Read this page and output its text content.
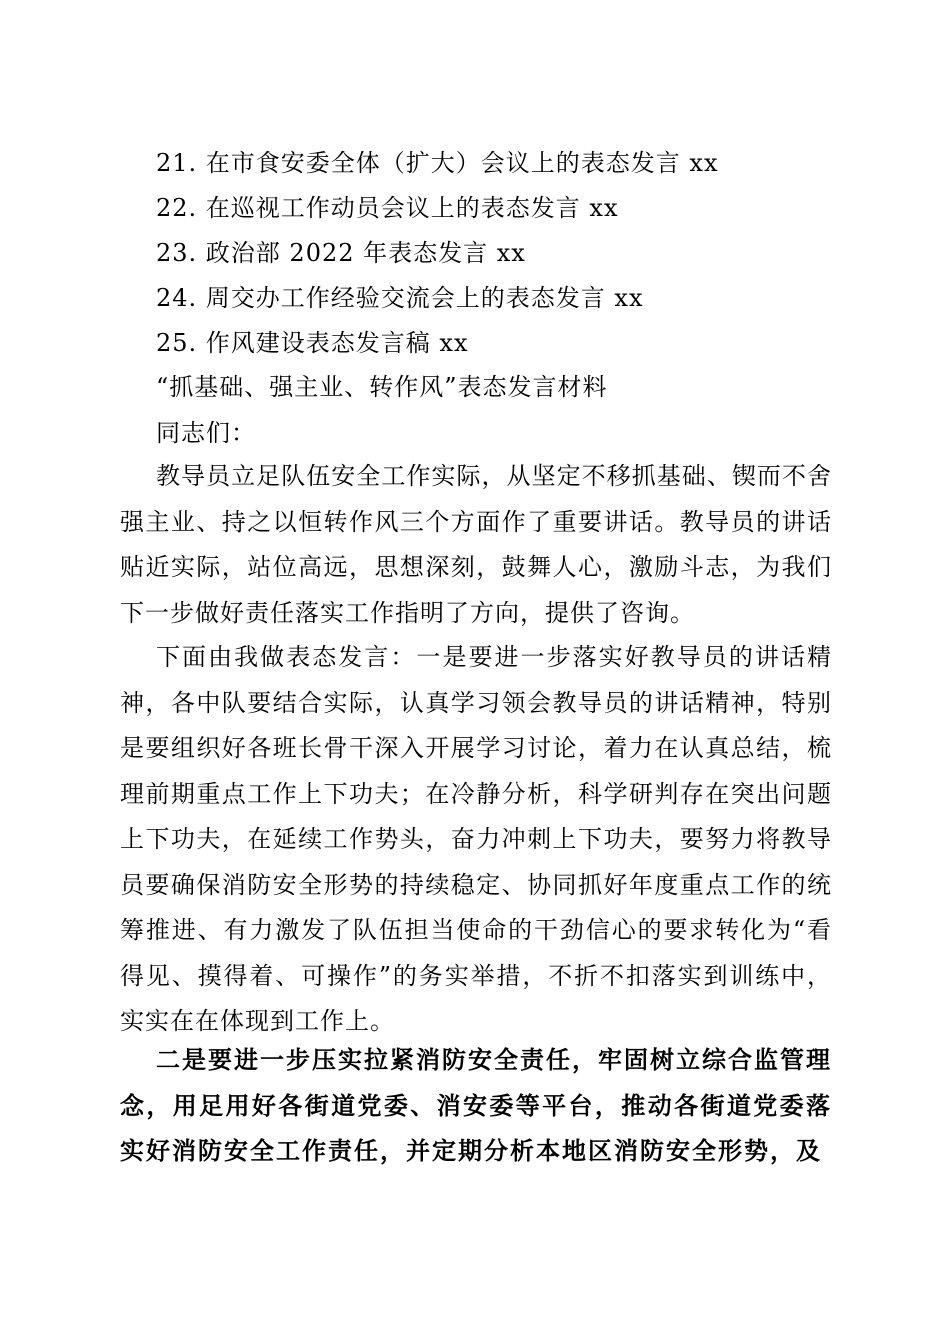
21. 在市食安委全体（扩大）会议上的表态发言 xx
22. 在巡视工作动员会议上的表态发言 xx
23. 政治部 2022 年表态发言 xx
24. 周交办工作经验交流会上的表态发言 xx
25. 作风建设表态发言稿 xx
“抓基础、强主业、转作风”表态发言材料
同志们：
教导员立足队伍安全工作实际，从坚定不移抓基础、锲而不舍强主业、持之以恒转作风三个方面作了重要讲话。教导员的讲话贴近实际，站位高远，思想深刻，鼓舞人心，激励斗志，为我们下一步做好责任落实工作指明了方向，提供了咨询。
下面由我做表态发言：一是要进一步落实好教导员的讲话精神，各中队要结合实际，认真学习领会教导员的讲话精神，特别是要组织好各班长骨干深入开展学习讨论，着力在认真总结，梳理前期重点工作上下功夫；在冷静分析，科学研判存在突出问题上下功夫，在延续工作势头，奋力冲刺上下功夫，要努力将教导员要确保消防安全形势的持续稳定、协同抓好年度重点工作的统筹推进、有力激发了队伍担当使命的干劲信心的要求转化为“看得见、摸得着、可操作”的务实举措，不折不扣落实到训练中，实实在在体现到工作上。
二是要进一步压实拉紧消防安全责任，牢固树立综合监管理念，用足用好各街道党委、消安委等平台，推动各街道党委落实好消防安全工作责任，并定期分析本地区消防安全形势，及
